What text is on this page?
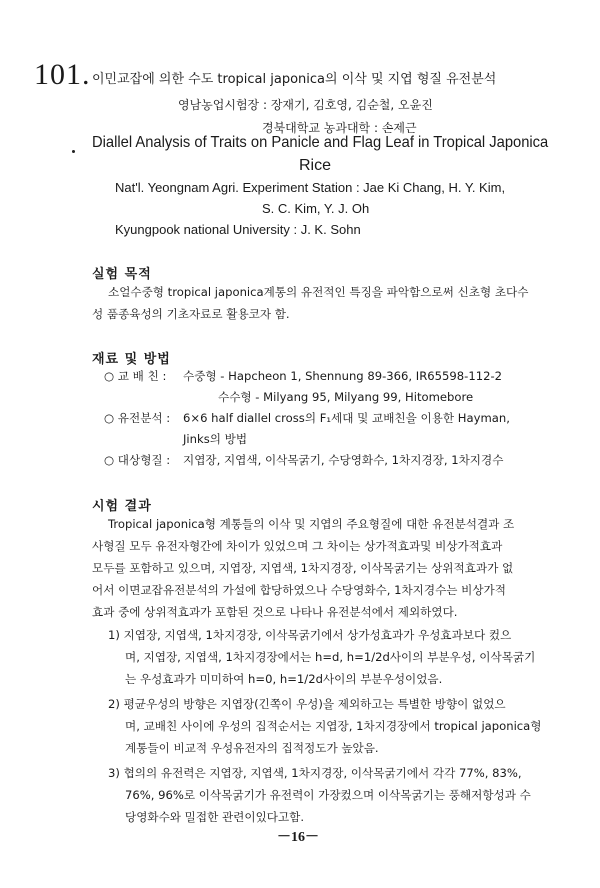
101. 이민교잡에 의한 수도 tropical japonica의 이삭 및 지엽 형질 유전분석
영남농업시험장 : 장재기, 김호영, 김순철, 오윤진
경북대학교 농과대학 : 손제근
Diallel Analysis of Traits on Panicle and Flag Leaf in Tropical Japonica
Rice
Nat'l. Yeongnam Agri. Experiment Station : Jae Ki Chang, H. Y. Kim,
S. C. Kim, Y. J. Oh
Kyungpook national University : J. K. Sohn
실험 목적
소얼수중형 tropical japonica계통의 유전적인 특징을 파악함으로써 신초형 초다수
성 품종육성의 기초자료로 활용코자 함.
재료 및 방법
○ 교 배 친 : 수중형 - Hapcheon 1, Shennung 89-366, IR65598-112-2
수수형 - Milyang 95, Milyang 99, Hitomebore
○ 유전분석 : 6×6 half diallel cross의 F₁세대 및 교배친을 이용한 Hayman,
Jinks의 방법
○ 대상형질 : 지엽장, 지엽색, 이삭목굵기, 수당영화수, 1차지경장, 1차지경수
시험 결과
Tropical japonica형 계통들의 이삭 및 지엽의 주요형질에 대한 유전분석결과 조
사형질 모두 유전자형간에 차이가 있었으며 그 차이는 상가적효과및 비상가적효과
모두를 포함하고 있으며, 지엽장, 지엽색, 1차지경장, 이삭목굵기는 상위적효과가 없
어서 이면교잡유전분석의 가설에 합당하였으나 수당영화수, 1차지경수는 비상가적
효과 중에 상위적효과가 포함된 것으로 나타나 유전분석에서 제외하였다.
1) 지엽장, 지엽색, 1차지경장, 이삭목굵기에서 상가성효과가 우성효과보다 컸으
며, 지엽장, 지엽색, 1차지경장에서는 h=d, h=1/2d사이의 부분우성, 이삭목굵기
는 우성효과가 미미하여 h=0, h=1/2d사이의 부분우성이었음.
2) 평균우성의 방향은 지엽장(긴쪽이 우성)을 제외하고는 특별한 방향이 없었으
며, 교배친 사이에 우성의 집적순서는 지엽장, 1차지경장에서 tropical japonica형
계통들이 비교적 우성유전자의 집적정도가 높았음.
3) 협의의 유전력은 지엽장, 지엽색, 1차지경장, 이삭목굵기에서 각각 77%, 83%,
76%, 96%로 이삭목굵기가 유전력이 가장컸으며 이삭목굵기는 풍해저항성과 수
당영화수와 밀접한 관련이있다고함.
－16－
